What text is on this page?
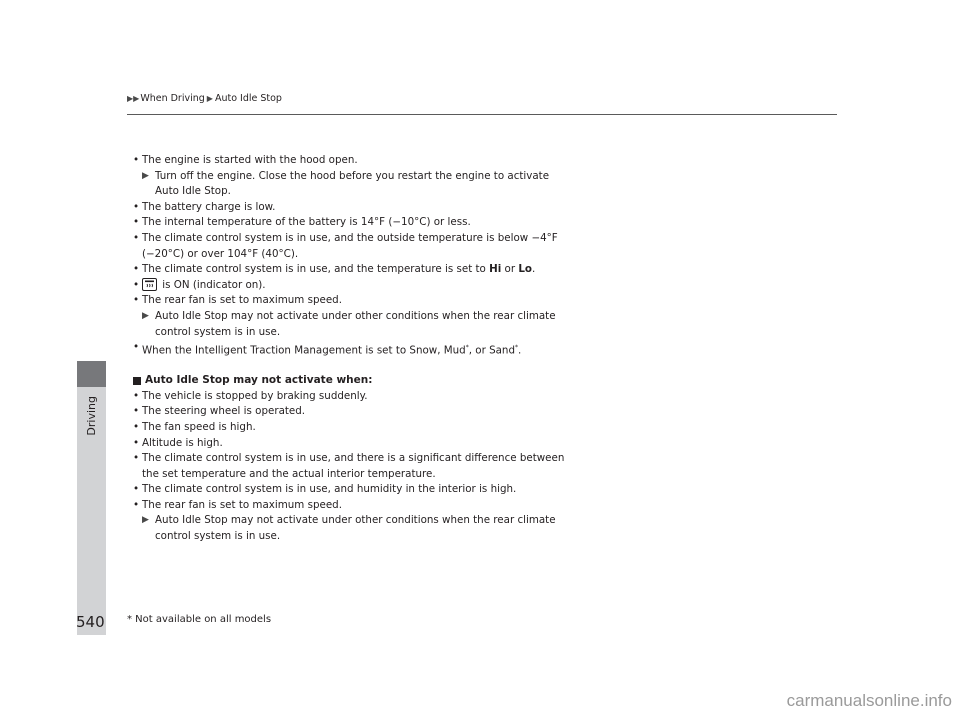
▶▶ When Driving ▶ Auto Idle Stop
Driving
• The engine is started with the hood open.
▶ Turn off the engine. Close the hood before you restart the engine to activate Auto Idle Stop.
• The battery charge is low.
• The internal temperature of the battery is 14°F (−10°C) or less.
• The climate control system is in use, and the outside temperature is below −4°F (−20°C) or over 104°F (40°C).
• The climate control system is in use, and the temperature is set to Hi or Lo.
• is ON (indicator on).
• The rear fan is set to maximum speed.
▶ Auto Idle Stop may not activate under other conditions when the rear climate control system is in use.
• When the Intelligent Traction Management is set to Snow, Mud*, or Sand*.
Auto Idle Stop may not activate when:
• The vehicle is stopped by braking suddenly.
• The steering wheel is operated.
• The fan speed is high.
• Altitude is high.
• The climate control system is in use, and there is a significant difference between the set temperature and the actual interior temperature.
• The climate control system is in use, and humidity in the interior is high.
• The rear fan is set to maximum speed.
▶ Auto Idle Stop may not activate under other conditions when the rear climate control system is in use.
540 * Not available on all models
carmanualsonline.info
